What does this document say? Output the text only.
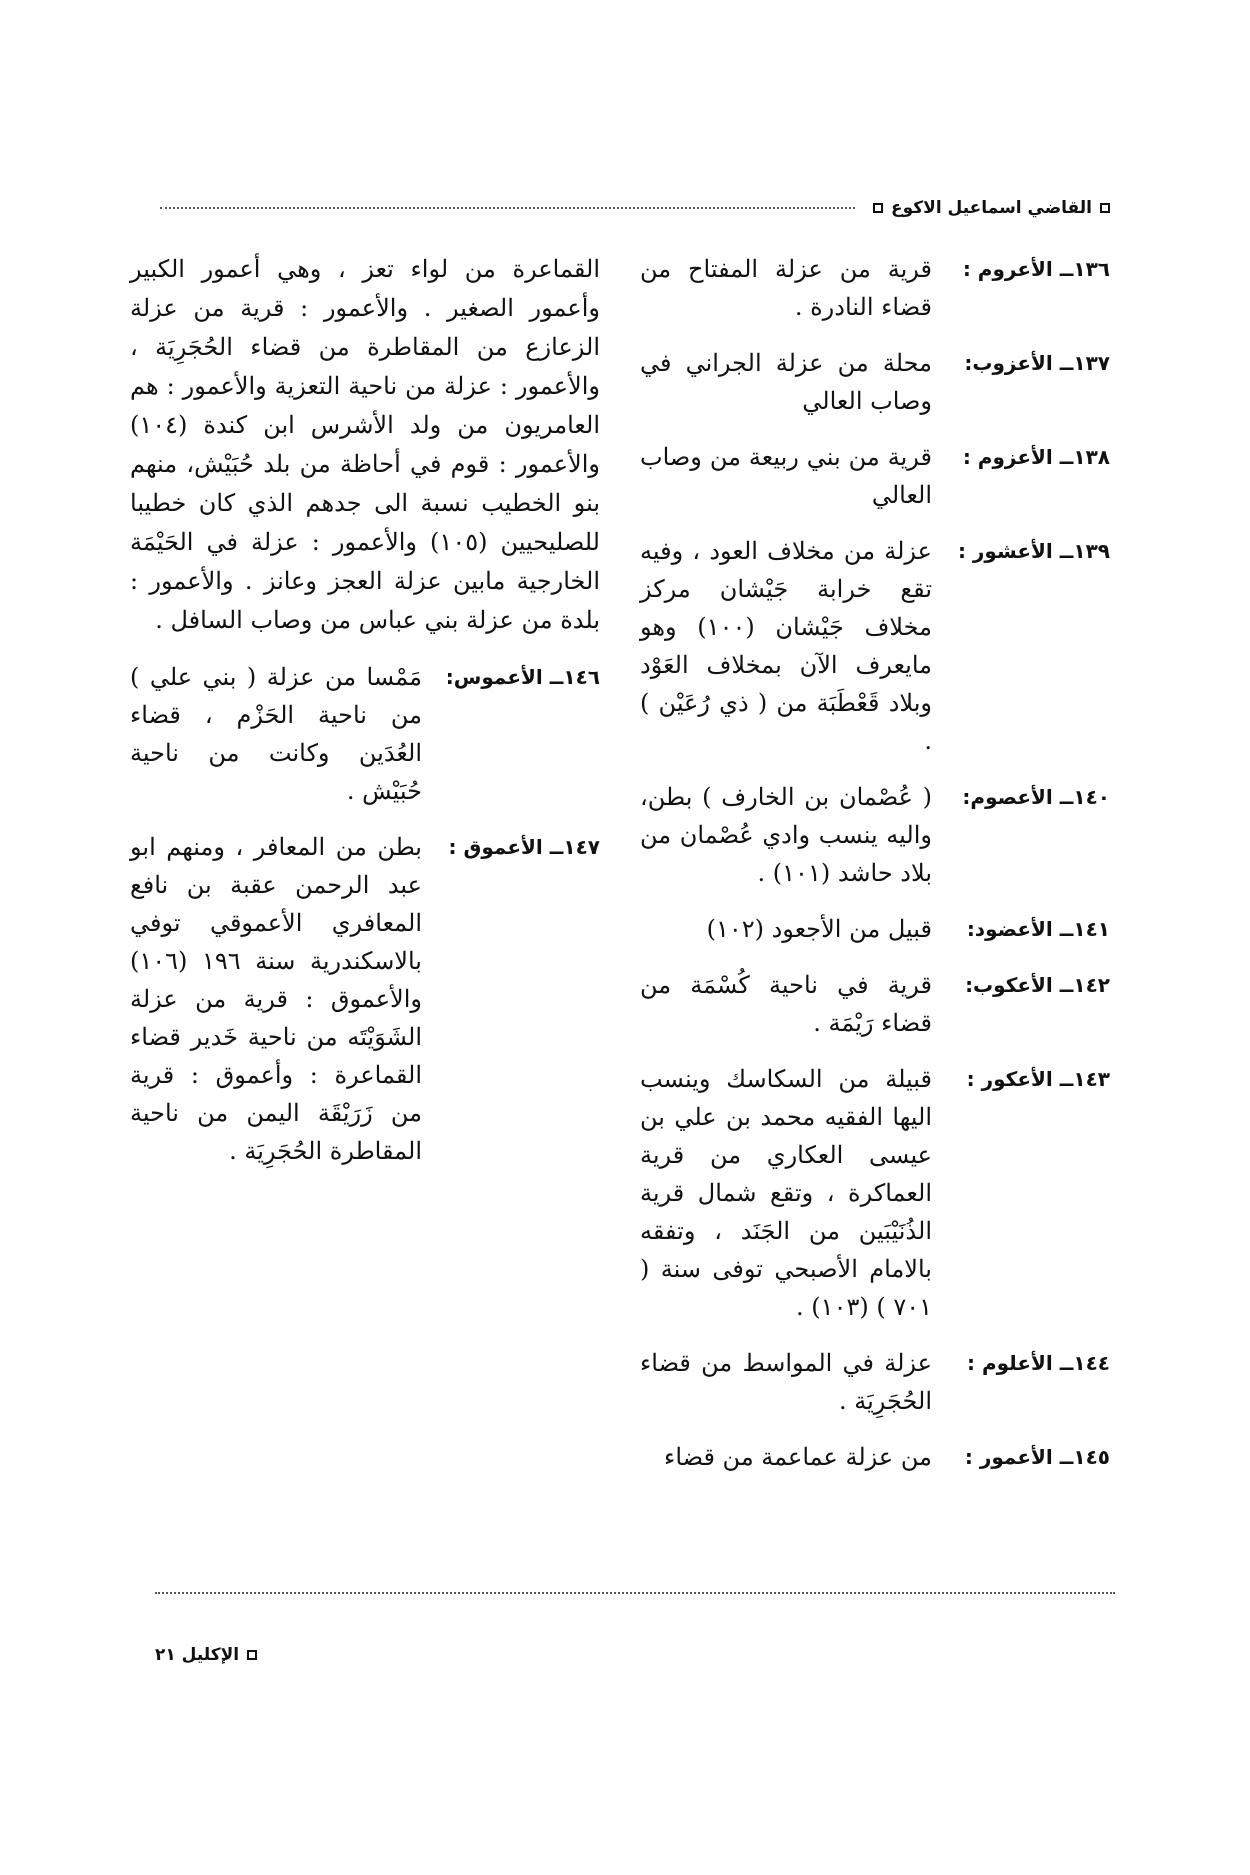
القاضي اسماعيل الاكوع
١٣٦ــ الأعروم :
قرية من عزلة المفتاح من قضاء النادرة .
١٣٧ــ الأعزوب:
محلة من عزلة الجراني في وصاب العالي
١٣٨ــ الأعزوم :
قرية من بني ربيعة من وصاب العالي
١٣٩ــ الأعشور :
عزلة من مخلاف العود ، وفيه تقع خرابة جَيْشان مركز مخلاف جَيْشان (١٠٠) وهو مايعرف الآن بمخلاف العَوْد وبلاد قَعْطَبَة من ( ذي رُعَيْن ) .
١٤٠ــ الأعصوم:
( عُصْمان بن الخارف ) بطن، واليه ينسب وادي عُصْمان من بلاد حاشد (١٠١) .
١٤١ــ الأعضود:
قبيل من الأجعود (١٠٢)
١٤٢ــ الأعكوب:
قرية في ناحية كُسْمَة من قضاء رَيْمَة .
١٤٣ــ الأعكور :
قبيلة من السكاسك وينسب اليها الفقيه محمد بن علي بن عيسى العكاري من قرية العماكرة ، وتقع شمال قرية الذُنَيْبَين من الجَنَد ، وتفقه بالامام الأصبحي توفى سنة ( ٧٠١ ) (١٠٣) .
١٤٤ــ الأعلوم :
عزلة في المواسط من قضاء الحُجَرِيَة .
١٤٥ــ الأعمور :
من عزلة عماعمة من قضاء
القماعرة من لواء تعز ، وهي أعمور الكبير وأعمور الصغير . والأعمور : قرية من عزلة الزعازع من المقاطرة من قضاء الحُجَرِيَة ، والأعمور : عزلة من ناحية التعزية والأعمور : هم العامريون من ولد الأشرس ابن كندة (١٠٤) والأعمور : قوم في أحاظة من بلد حُبَيْش، منهم بنو الخطيب نسبة الى جدهم الذي كان خطيبا للصليحيين (١٠٥) والأعمور : عزلة في الحَيْمَة الخارجية مابين عزلة العجز وعانز . والأعمور : بلدة من عزلة بني عباس من وصاب السافل .
١٤٦ــ الأعموس:
مَمْسا من عزلة ( بني علي ) من ناحية الحَزْم ، قضاء العُدَين وكانت من ناحية حُبَيْش .
١٤٧ــ الأعموق :
بطن من المعافر ، ومنهم ابو عبد الرحمن عقبة بن نافع المعافري الأعموقي توفي بالاسكندرية سنة ١٩٦ (١٠٦) والأعموق : قرية من عزلة الشَوَيْتَه من ناحية خَدير قضاء القماعرة : وأعموق : قرية من زَرَيْقَة اليمن من ناحية المقاطرة الحُجَرِيَة .
الإكليل ٢١
